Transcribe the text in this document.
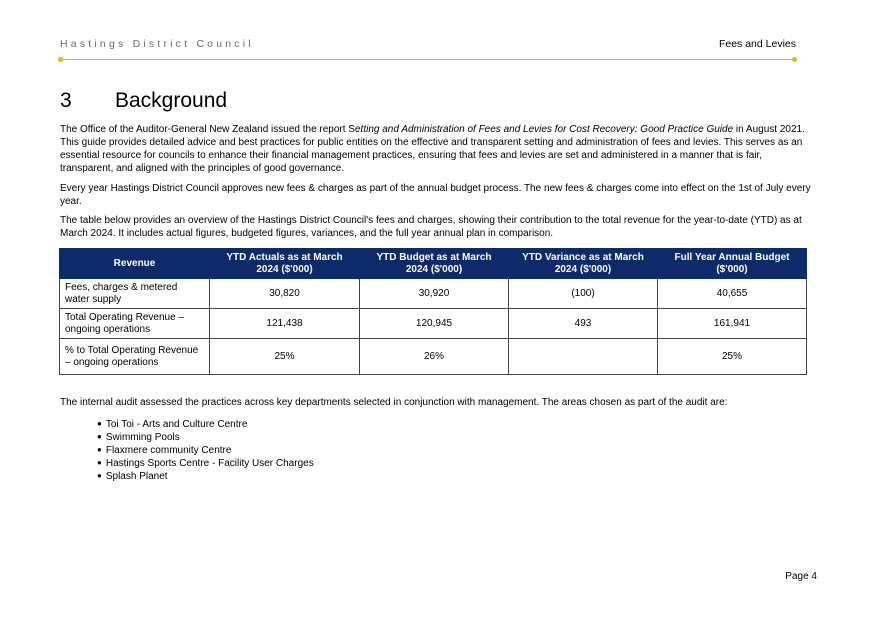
Hastings District Council	Fees and Levies
3	Background

The Office of the Auditor-General New Zealand issued the report Setting and Administration of Fees and Levies for Cost Recovery: Good Practice Guide in August 2021. This guide provides detailed advice and best practices for public entities on the effective and transparent setting and administration of fees and levies. This serves as an essential resource for councils to enhance their financial management practices, ensuring that fees and levies are set and administered in a manner that is fair, transparent, and aligned with the principles of good governance.

Every year Hastings District Council approves new fees & charges as part of the annual budget process. The new fees & charges come into effect on the 1st of July every year.

The table below provides an overview of the Hastings District Council's fees and charges, showing their contribution to the total revenue for the year-to-date (YTD) as at March 2024. It includes actual figures, budgeted figures, variances, and the full year annual plan in comparison.

Revenue	YTD Actuals as at March 2024 ($'000)	YTD Budget as at March 2024 ($'000)	YTD Variance as at March 2024 ($'000)	Full Year Annual Budget ($'000)
Fees, charges & metered water supply	30,820	30,920	(100)	40,655
Total Operating Revenue – ongoing operations	121,438	120,945	493	161,941
% to Total Operating Revenue – ongoing operations	25%	26%		25%

The internal audit assessed the practices across key departments selected in conjunction with management. The areas chosen as part of the audit are:

● Toi Toi - Arts and Culture Centre
● Swimming Pools
● Flaxmere community Centre
● Hastings Sports Centre - Facility User Charges
● Splash Planet
Page 4
